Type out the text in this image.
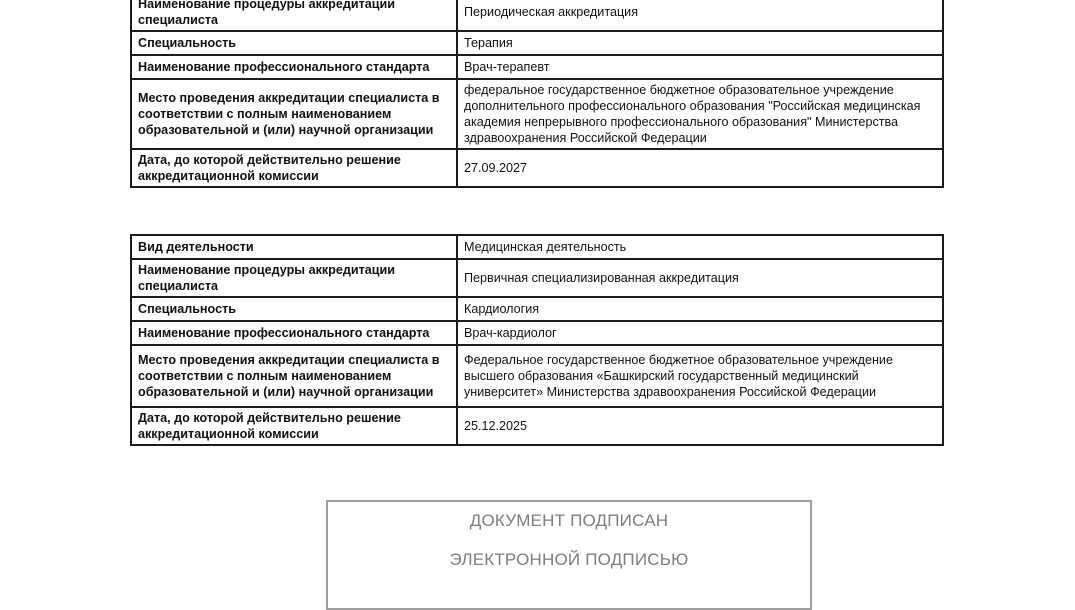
Наименование процедуры аккредитации специалиста	Периодическая аккредитация
Специальность	Терапия
Наименование профессионального стандарта	Врач-терапевт
Место проведения аккредитации специалиста в соответствии с полным наименованием образовательной и (или) научной организации	федеральное государственное бюджетное образовательное учреждение дополнительного профессионального образования "Российская медицинская академия непрерывного профессионального образования" Министерства здравоохранения Российской Федерации
Дата, до которой действительно решение аккредитационной комиссии	27.09.2027
Вид деятельности	Медицинская деятельность
Наименование процедуры аккредитации специалиста	Первичная специализированная аккредитация
Специальность	Кардиология
Наименование профессионального стандарта	Врач-кардиолог
Место проведения аккредитации специалиста в соответствии с полным наименованием образовательной и (или) научной организации	Федеральное государственное бюджетное образовательное учреждение высшего образования «Башкирский государственный медицинский университет» Министерства здравоохранения Российской Федерации
Дата, до которой действительно решение аккредитационной комиссии	25.12.2025
ДОКУМЕНТ ПОДПИСАН
ЭЛЕКТРОННОЙ ПОДПИСЬЮ
